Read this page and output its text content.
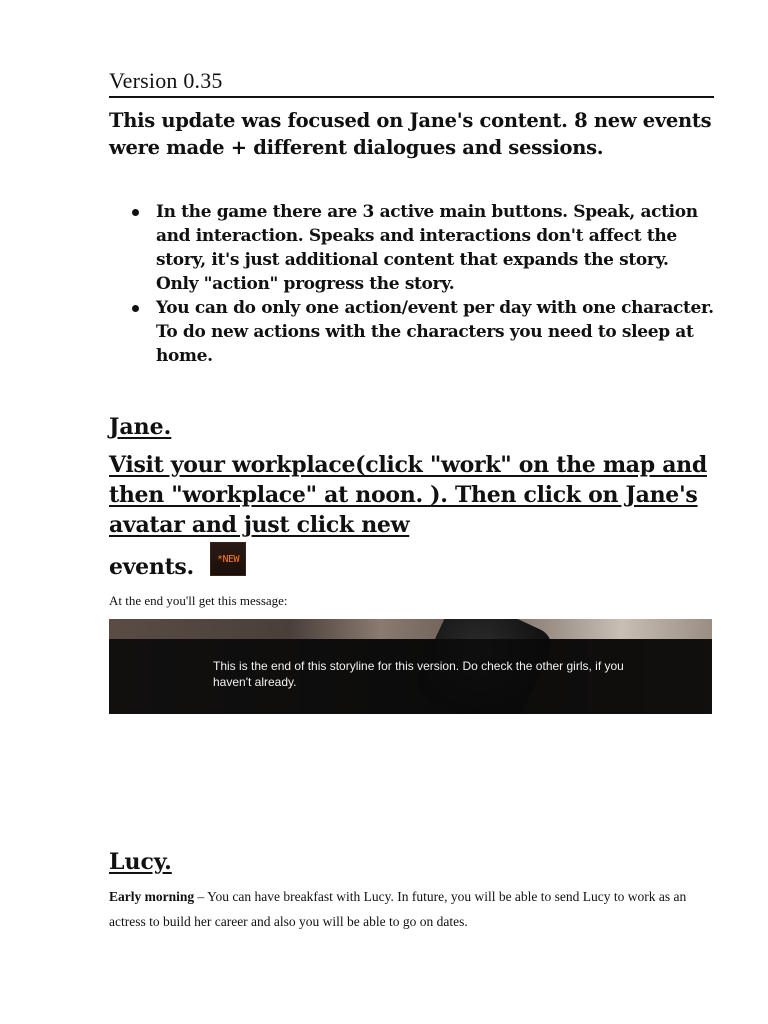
Version 0.35
This update was focused on Jane's content. 8 new events were made + different dialogues and sessions.
In the game there are 3 active main buttons. Speak, action and interaction. Speaks and interactions don't affect the story, it's just additional content that expands the story. Only "action" progress the story.
You can do only one action/event per day with one character. To do new actions with the characters you need to sleep at home.
Jane.
Visit your workplace(click "work" on the map and then "workplace" at noon. ). Then click on Jane's avatar and just click new
events.	*NEW
At the end you'll get this message:
This is the end of this storyline for this version. Do check the other girls, if you haven't already.
Lucy.
Early morning – You can have breakfast with Lucy. In future, you will be able to send Lucy to work as an actress to build her career and also you will be able to go on dates.
